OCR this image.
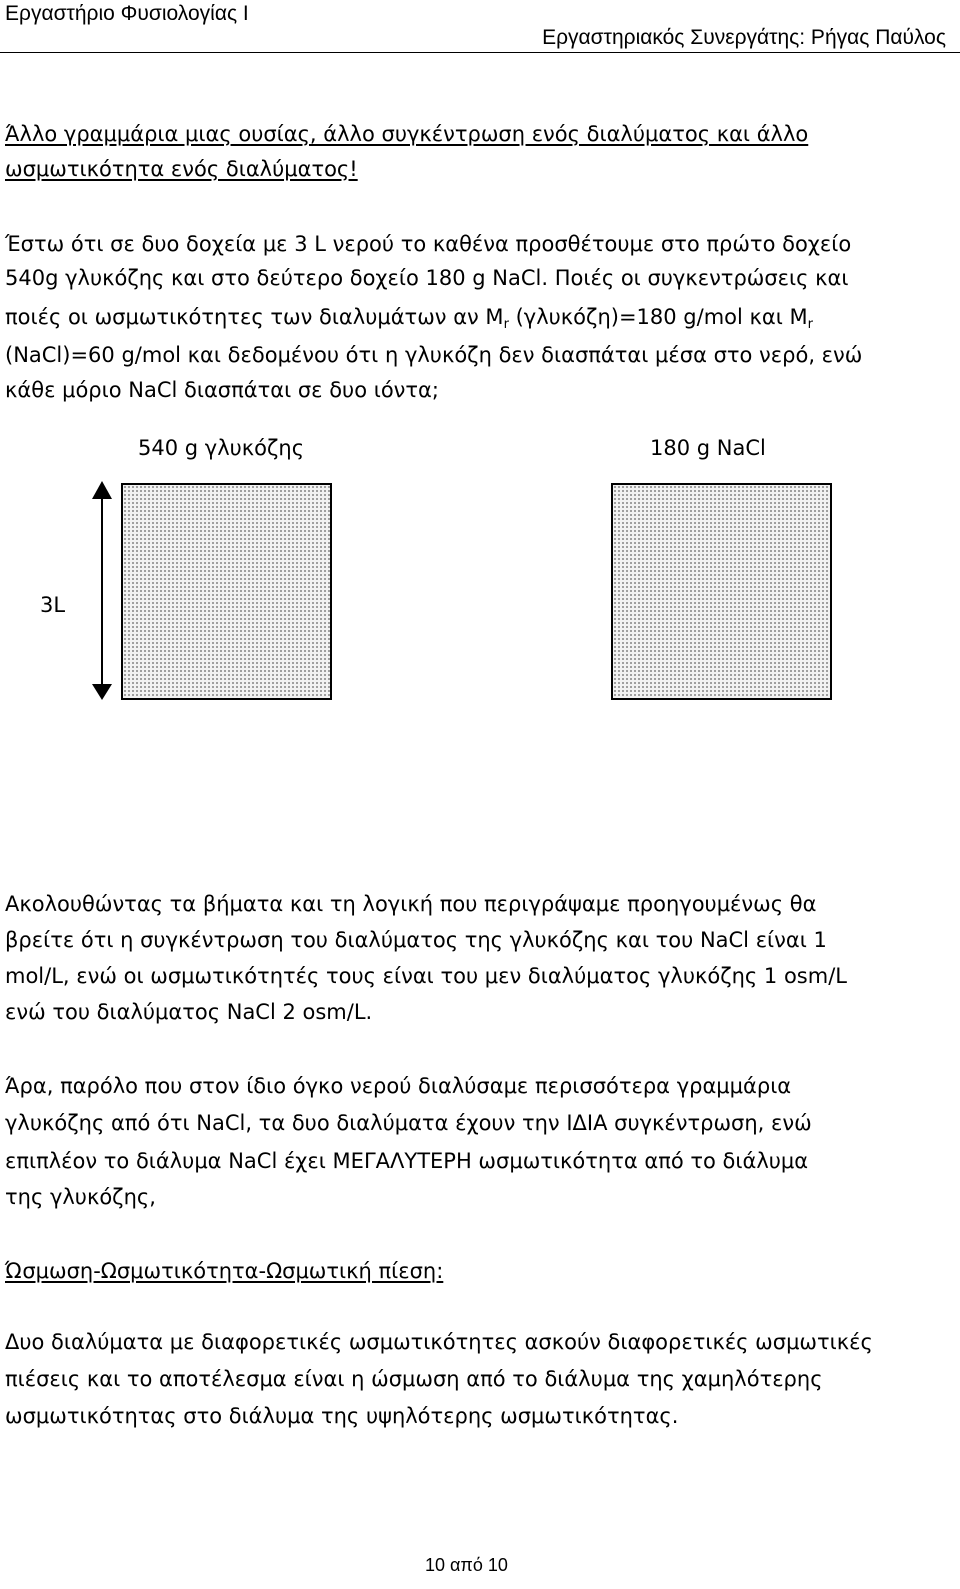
Εργαστήριο Φυσιολογίας Ι
Εργαστηριακός Συνεργάτης: Ρήγας Παύλος
Άλλο γραμμάρια μιας ουσίας, άλλο συγκέντρωση ενός διαλύματος και άλλο
ωσμωτικότητα ενός διαλύματος!
Έστω ότι σε δυο δοχεία με 3 L νερού το καθένα προσθέτουμε στο πρώτο δοχείο
540g γλυκόζης και στο δεύτερο δοχείο 180 g NaCl. Ποιές οι συγκεντρώσεις και
ποιές οι ωσμωτικότητες των διαλυμάτων αν Mr (γλυκόζη)=180 g/mol και Mr
(NaCl)=60 g/mol και δεδομένου ότι η γλυκόζη δεν διασπάται μέσα στο νερό, ενώ
κάθε μόριο NaCl διασπάται σε δυο ιόντα;
540 g γλυκόζης	180 g NaCl
3L
Ακολουθώντας τα βήματα και τη λογική που περιγράψαμε προηγουμένως θα
βρείτε ότι η συγκέντρωση του διαλύματος της γλυκόζης και του NaCl είναι 1
mol/L, ενώ οι ωσμωτικότητές τους είναι του μεν διαλύματος γλυκόζης 1 osm/L
ενώ του διαλύματος NaCl 2 osm/L.
Άρα, παρόλο που στον ίδιο όγκο νερού διαλύσαμε περισσότερα γραμμάρια
γλυκόζης από ότι NaCl, τα δυο διαλύματα έχουν την ΙΔΙΑ συγκέντρωση, ενώ
επιπλέον το διάλυμα NaCl έχει ΜΕΓΑΛΥΤΕΡΗ ωσμωτικότητα από το διάλυμα
της γλυκόζης,
Ώσμωση-Ωσμωτικότητα-Ωσμωτική πίεση:
Δυο διαλύματα με διαφορετικές ωσμωτικότητες ασκούν διαφορετικές ωσμωτικές
πιέσεις και το αποτέλεσμα είναι η ώσμωση από το διάλυμα της χαμηλότερης
ωσμωτικότητας στο διάλυμα της υψηλότερης ωσμωτικότητας.
10 από 10
